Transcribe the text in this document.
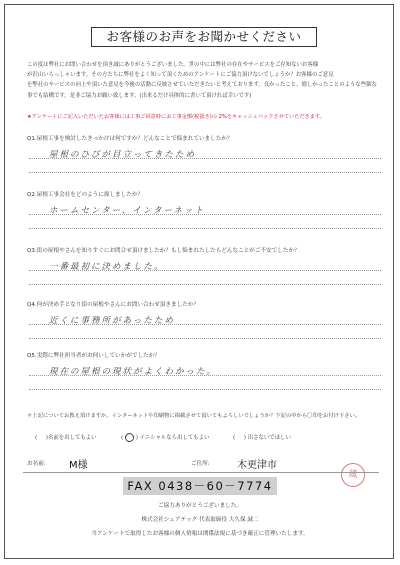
お客様のお声をお聞かせください

この度は弊社にお問い合わせを頂き誠にありがとうございました。世の中には弊社の存在やサービスをご存知ないお客様

が沢山いらっしゃいます。その方たちに弊社をよく知って頂くためのアンケートにご協力頂けないでしょうか？お客様のご意見

を弊社のサービスの向上や頂いた意見を今後の活動に反映させていただきたいと考えております。良かったこと、嬉しかったことのような些細な

事でも結構です。是非ご協力お願い致します。(出来るだけ具体的に書いて頂ければ幸いです)

★アンケートにご記入いただいたお客様には工事ご同意時にお工事金額(税抜き)の 2%をキャッシュバックさせていただきます。
Q1.屋根工事を検討したきっかけは何ですか？どんなことで悩まれていましたか？
屋根のひびが目立ってきたため
Q2.屋根工事会社をどのように探しましたか？
ホームセンター、インターネット
Q3.街の屋根やさんを知りすぐにお問合せ頂けましたか？もし悩まれたしたらどんなことがご不安でしたか？
一番最初に決めました。
Q4.何が決め手となり街の屋根やさんにお問い合わせ頂きましたか？
近くに事務所があったため
Q5.実際に弊社担当者がお伺いしていかがでしたか？
現在の屋根の現状がよくわかった。
＊上記についてお教え頂けますか。インターネットや印刷物に掲載させて頂いてもよろしいでしょうか？下記の中から〇印をお付け下さい。
( 　 )名前を出してもよい	( ) イニシャルなら出してもよい	( 　 ) 出さないでほしい
お名前: M様	ご住所:	木更津市
蔵
FAX 0438－60－7774
ご協力ありがとうございました。
株式会社シェアテック 代表取締役 大久保 誠二
当アンケートで取得したお客様の個人情報は関係法規に基づき厳正に管理いたします。
